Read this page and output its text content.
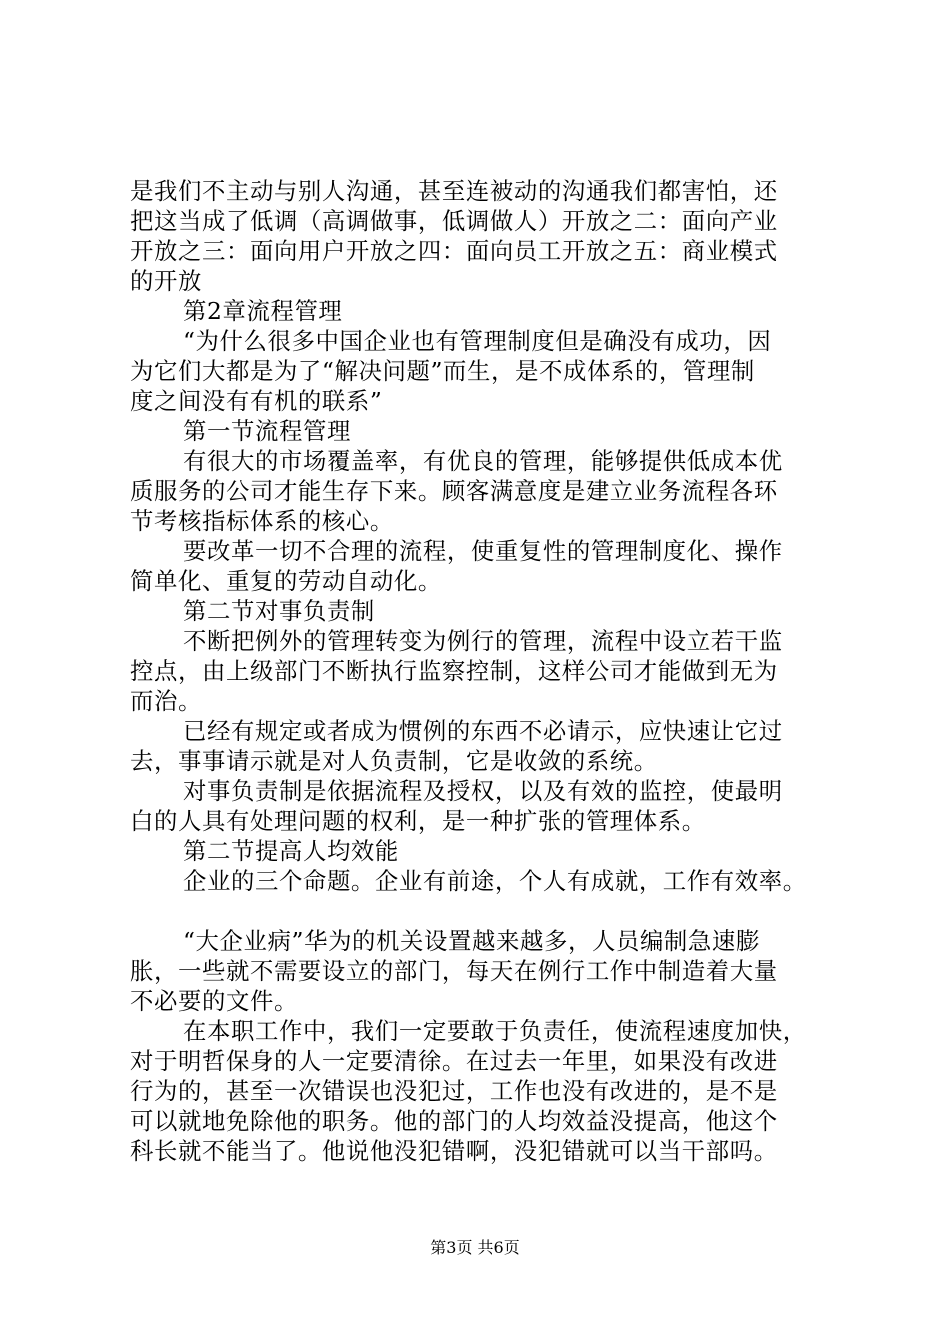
是我们不主动与别人沟通，甚至连被动的沟通我们都害怕，还
把这当成了低调（高调做事，低调做人）开放之二：面向产业
开放之三：面向用户开放之四：面向员工开放之五：商业模式
的开放
第2章流程管理
“为什么很多中国企业也有管理制度但是确没有成功，因
为它们大都是为了“解决问题”而生，是不成体系的，管理制
度之间没有有机的联系”
第一节流程管理
有很大的市场覆盖率，有优良的管理，能够提供低成本优
质服务的公司才能生存下来。顾客满意度是建立业务流程各环
节考核指标体系的核心。
要改革一切不合理的流程，使重复性的管理制度化、操作
简单化、重复的劳动自动化。
第二节对事负责制
不断把例外的管理转变为例行的管理，流程中设立若干监
控点，由上级部门不断执行监察控制，这样公司才能做到无为
而治。
已经有规定或者成为惯例的东西不必请示，应快速让它过
去，事事请示就是对人负责制，它是收敛的系统。
对事负责制是依据流程及授权，以及有效的监控，使最明
白的人具有处理问题的权利，是一种扩张的管理体系。
第二节提高人均效能
企业的三个命题。企业有前途，个人有成就，工作有效率。
“大企业病”华为的机关设置越来越多，人员编制急速膨
胀，一些就不需要设立的部门，每天在例行工作中制造着大量
不必要的文件。
在本职工作中，我们一定要敢于负责任，使流程速度加快，
对于明哲保身的人一定要清徐。在过去一年里，如果没有改进
行为的，甚至一次错误也没犯过，工作也没有改进的，是不是
可以就地免除他的职务。他的部门的人均效益没提高，他这个
科长就不能当了。他说他没犯错啊，没犯错就可以当干部吗。
第3页 共6页
